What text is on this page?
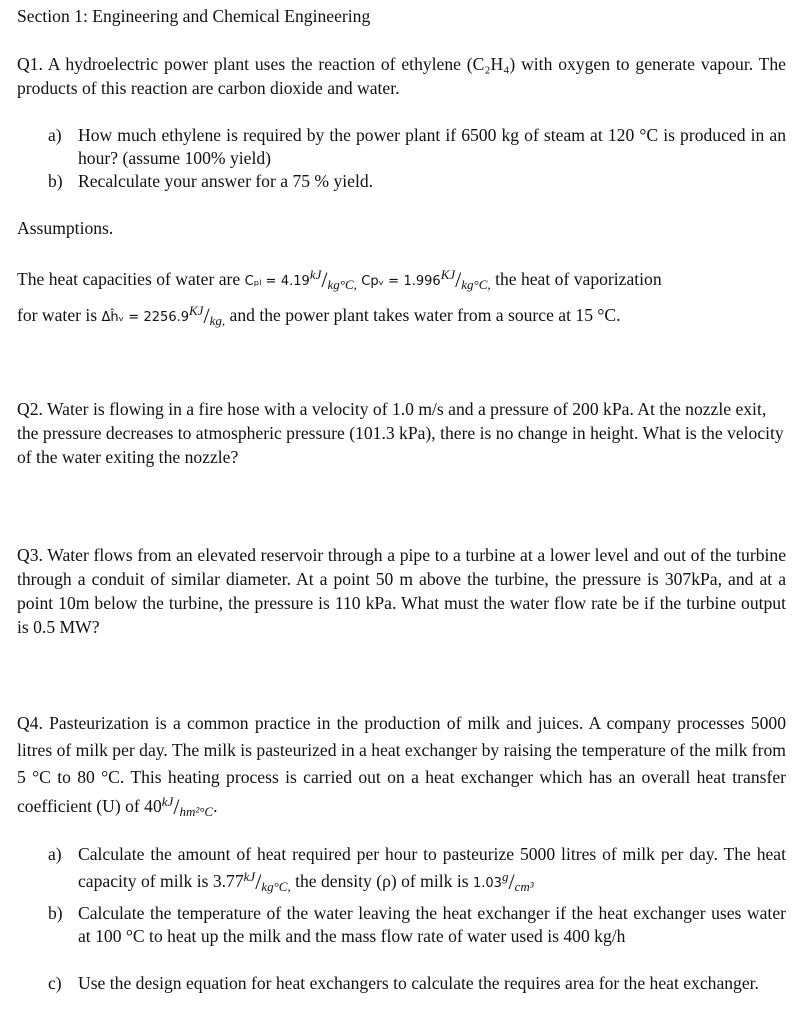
Section 1: Engineering and Chemical Engineering
Q1. A hydroelectric power plant uses the reaction of ethylene (C₂H₄) with oxygen to generate vapour. The products of this reaction are carbon dioxide and water.
a) How much ethylene is required by the power plant if 6500 kg of steam at 120 °C is produced in an hour? (assume 100% yield)
b) Recalculate your answer for a 75 % yield.
Assumptions.
The heat capacities of water are $C_{pl} = 4.19^{kJ}/_{kg^\circ C,}$ Cpᵥ = $1.996^{KJ}/_{kg^\circ C,}$ the heat of vaporization
for water is Δĥᵥ = $2256.9^{KJ}/_{kg,}$ and the power plant takes water from a source at 15 °C.
Q2. Water is flowing in a fire hose with a velocity of 1.0 m/s and a pressure of 200 kPa. At the nozzle exit, the pressure decreases to atmospheric pressure (101.3 kPa), there is no change in height. What is the velocity of the water exiting the nozzle?
Q3. Water flows from an elevated reservoir through a pipe to a turbine at a lower level and out of the turbine through a conduit of similar diameter. At a point 50 m above the turbine, the pressure is 307kPa, and at a point 10m below the turbine, the pressure is 110 kPa. What must the water flow rate be if the turbine output is 0.5 MW?
Q4. Pasteurization is a common practice in the production of milk and juices. A company processes 5000 litres of milk per day. The milk is pasteurized in a heat exchanger by raising the temperature of the milk from 5 °C to 80 °C. This heating process is carried out on a heat exchanger which has an overall heat transfer coefficient (U) of $40^{kJ}/_{hm^2^\circ C}$.
a) Calculate the amount of heat required per hour to pasteurize 5000 litres of milk per day. The heat capacity of milk is $3.77^{kJ}/_{kg^\circ C,}$ the density (ρ) of milk is $1.03^g/_{cm^3}$
b) Calculate the temperature of the water leaving the heat exchanger if the heat exchanger uses water at 100 °C to heat up the milk and the mass flow rate of water used is 400 kg/h
c) Use the design equation for heat exchangers to calculate the requires area for the heat exchanger.
